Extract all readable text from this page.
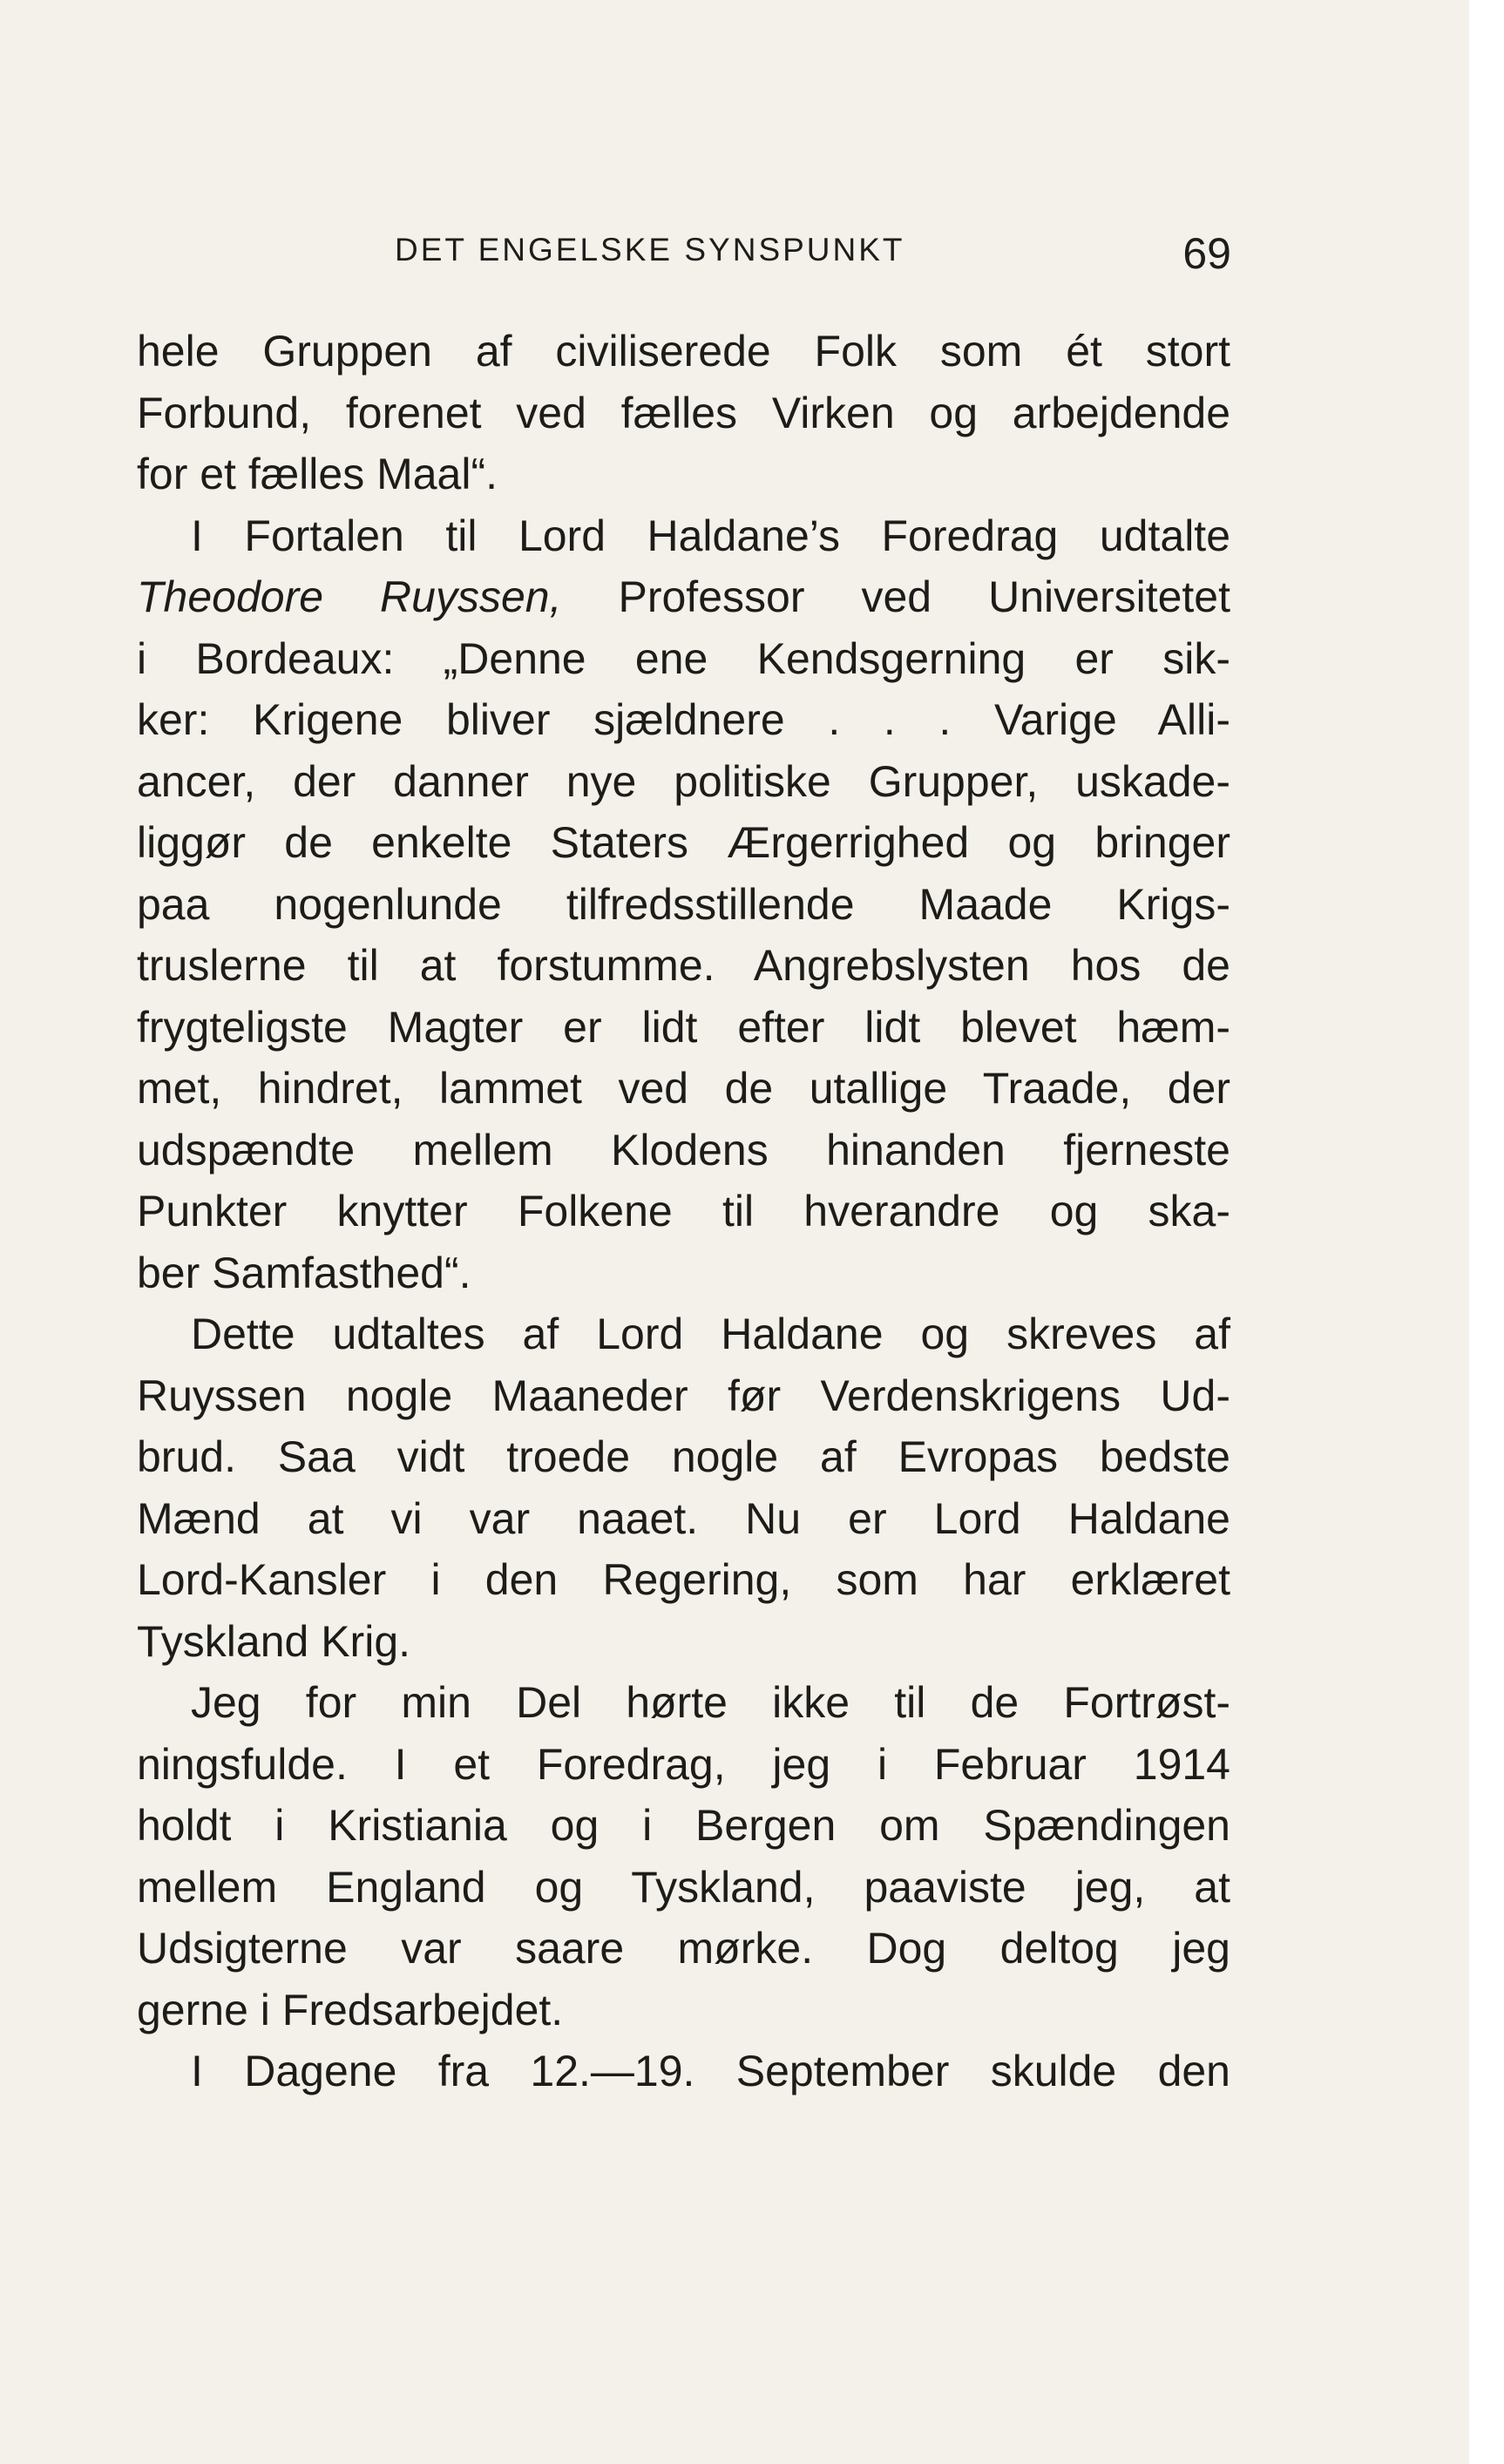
DET ENGELSKE SYNSPUNKT	69
hele Gruppen af civiliserede Folk som ét stort
Forbund, forenet ved fælles Virken og arbejdende
for et fælles Maal“.
I Fortalen til Lord Haldane’s Foredrag udtalte
Theodore Ruyssen, Professor ved Universitetet
i Bordeaux: „Denne ene Kendsgerning er sik-
ker: Krigene bliver sjældnere . . . Varige Alli-
ancer, der danner nye politiske Grupper, uskade-
liggør de enkelte Staters Ærgerrighed og bringer
paa nogenlunde tilfredsstillende Maade Krigs-
truslerne til at forstumme. Angrebslysten hos de
frygteligste Magter er lidt efter lidt blevet hæm-
met, hindret, lammet ved de utallige Traade, der
udspændte mellem Klodens hinanden fjerneste
Punkter knytter Folkene til hverandre og ska-
ber Samfasthed“.
Dette udtaltes af Lord Haldane og skreves af
Ruyssen nogle Maaneder før Verdenskrigens Ud-
brud. Saa vidt troede nogle af Evropas bedste
Mænd at vi var naaet. Nu er Lord Haldane
Lord-Kansler i den Regering, som har erklæret
Tyskland Krig.
Jeg for min Del hørte ikke til de Fortrøst-
ningsfulde. I et Foredrag, jeg i Februar 1914
holdt i Kristiania og i Bergen om Spændingen
mellem England og Tyskland, paaviste jeg, at
Udsigterne var saare mørke. Dog deltog jeg
gerne i Fredsarbejdet.
I Dagene fra 12.—19. September skulde den
